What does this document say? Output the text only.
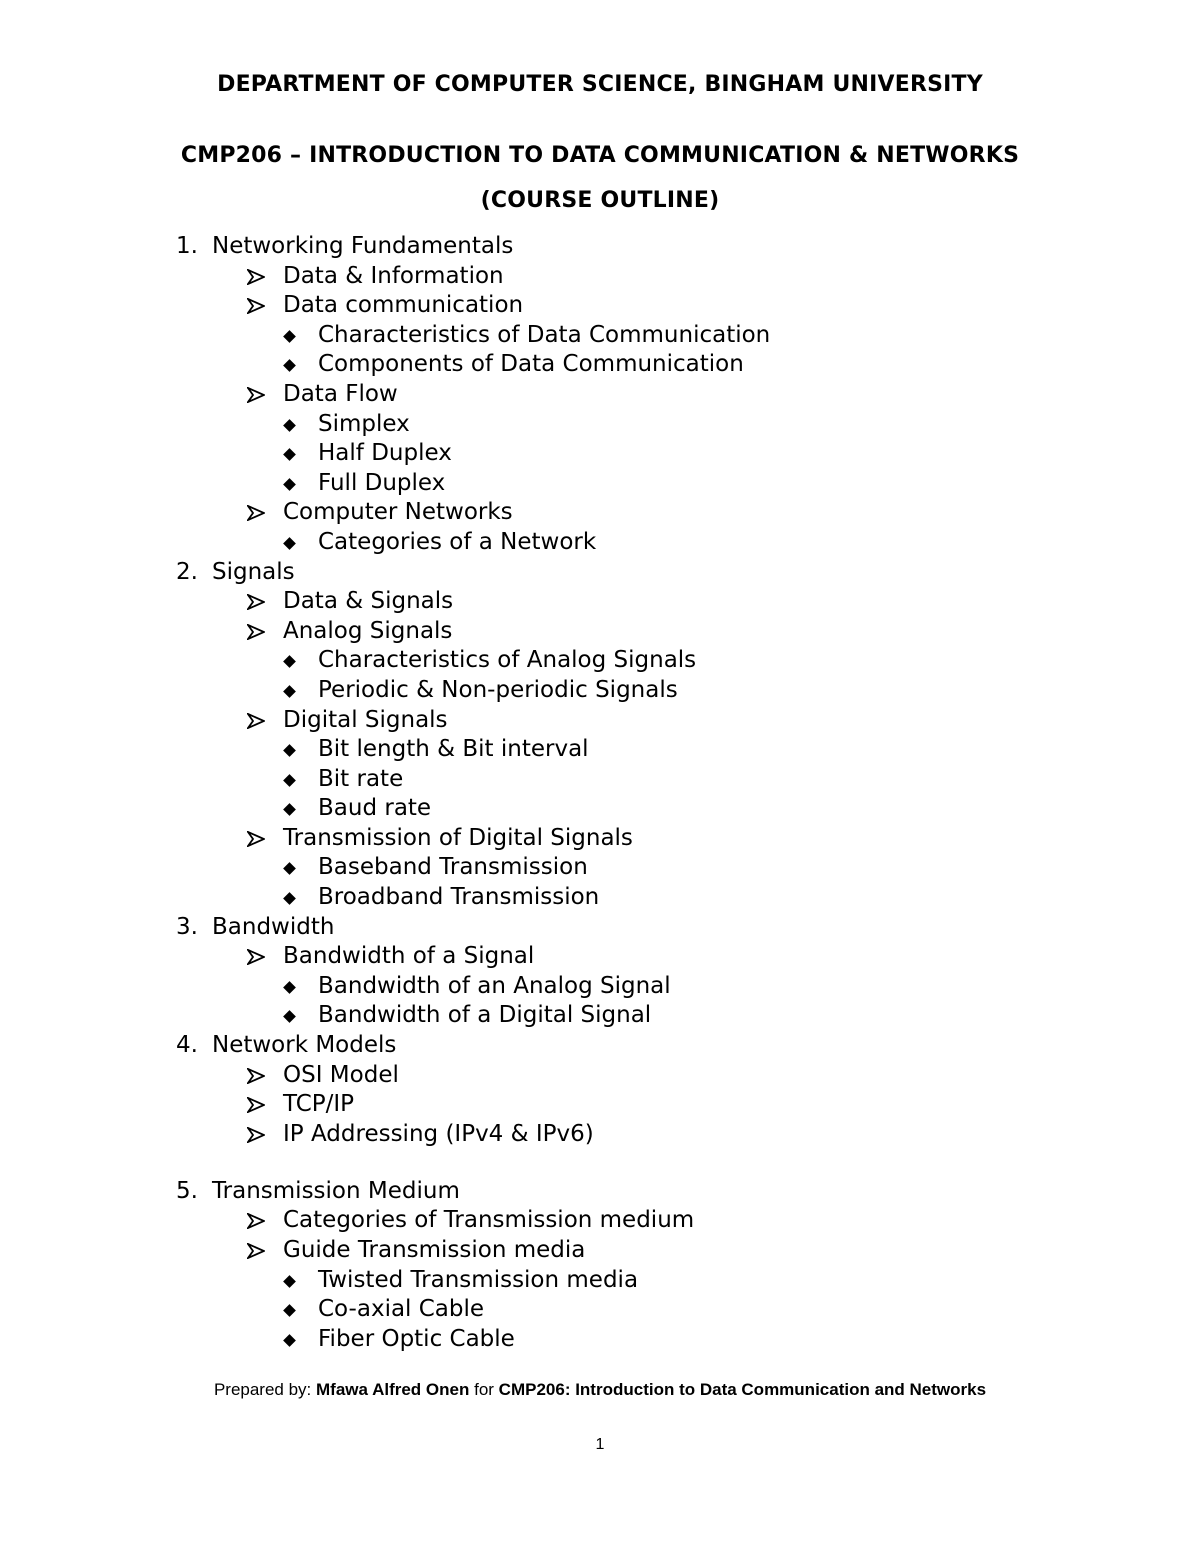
DEPARTMENT OF COMPUTER SCIENCE, BINGHAM UNIVERSITY
CMP206 – INTRODUCTION TO DATA COMMUNICATION & NETWORKS
(COURSE OUTLINE)
1. Networking Fundamentals
Data & Information
Data communication
Characteristics of Data Communication
Components of Data Communication
Data Flow
Simplex
Half Duplex
Full Duplex
Computer Networks
Categories of a Network
2. Signals
Data & Signals
Analog Signals
Characteristics of Analog Signals
Periodic & Non-periodic Signals
Digital Signals
Bit length & Bit interval
Bit rate
Baud rate
Transmission of Digital Signals
Baseband Transmission
Broadband Transmission
3. Bandwidth
Bandwidth of a Signal
Bandwidth of an Analog Signal
Bandwidth of a Digital Signal
4. Network Models
OSI Model
TCP/IP
IP Addressing (IPv4 & IPv6)
5. Transmission Medium
Categories of Transmission medium
Guide Transmission media
Twisted Transmission media
Co-axial Cable
Fiber Optic Cable
Prepared by: Mfawa Alfred Onen for CMP206: Introduction to Data Communication and Networks
1
